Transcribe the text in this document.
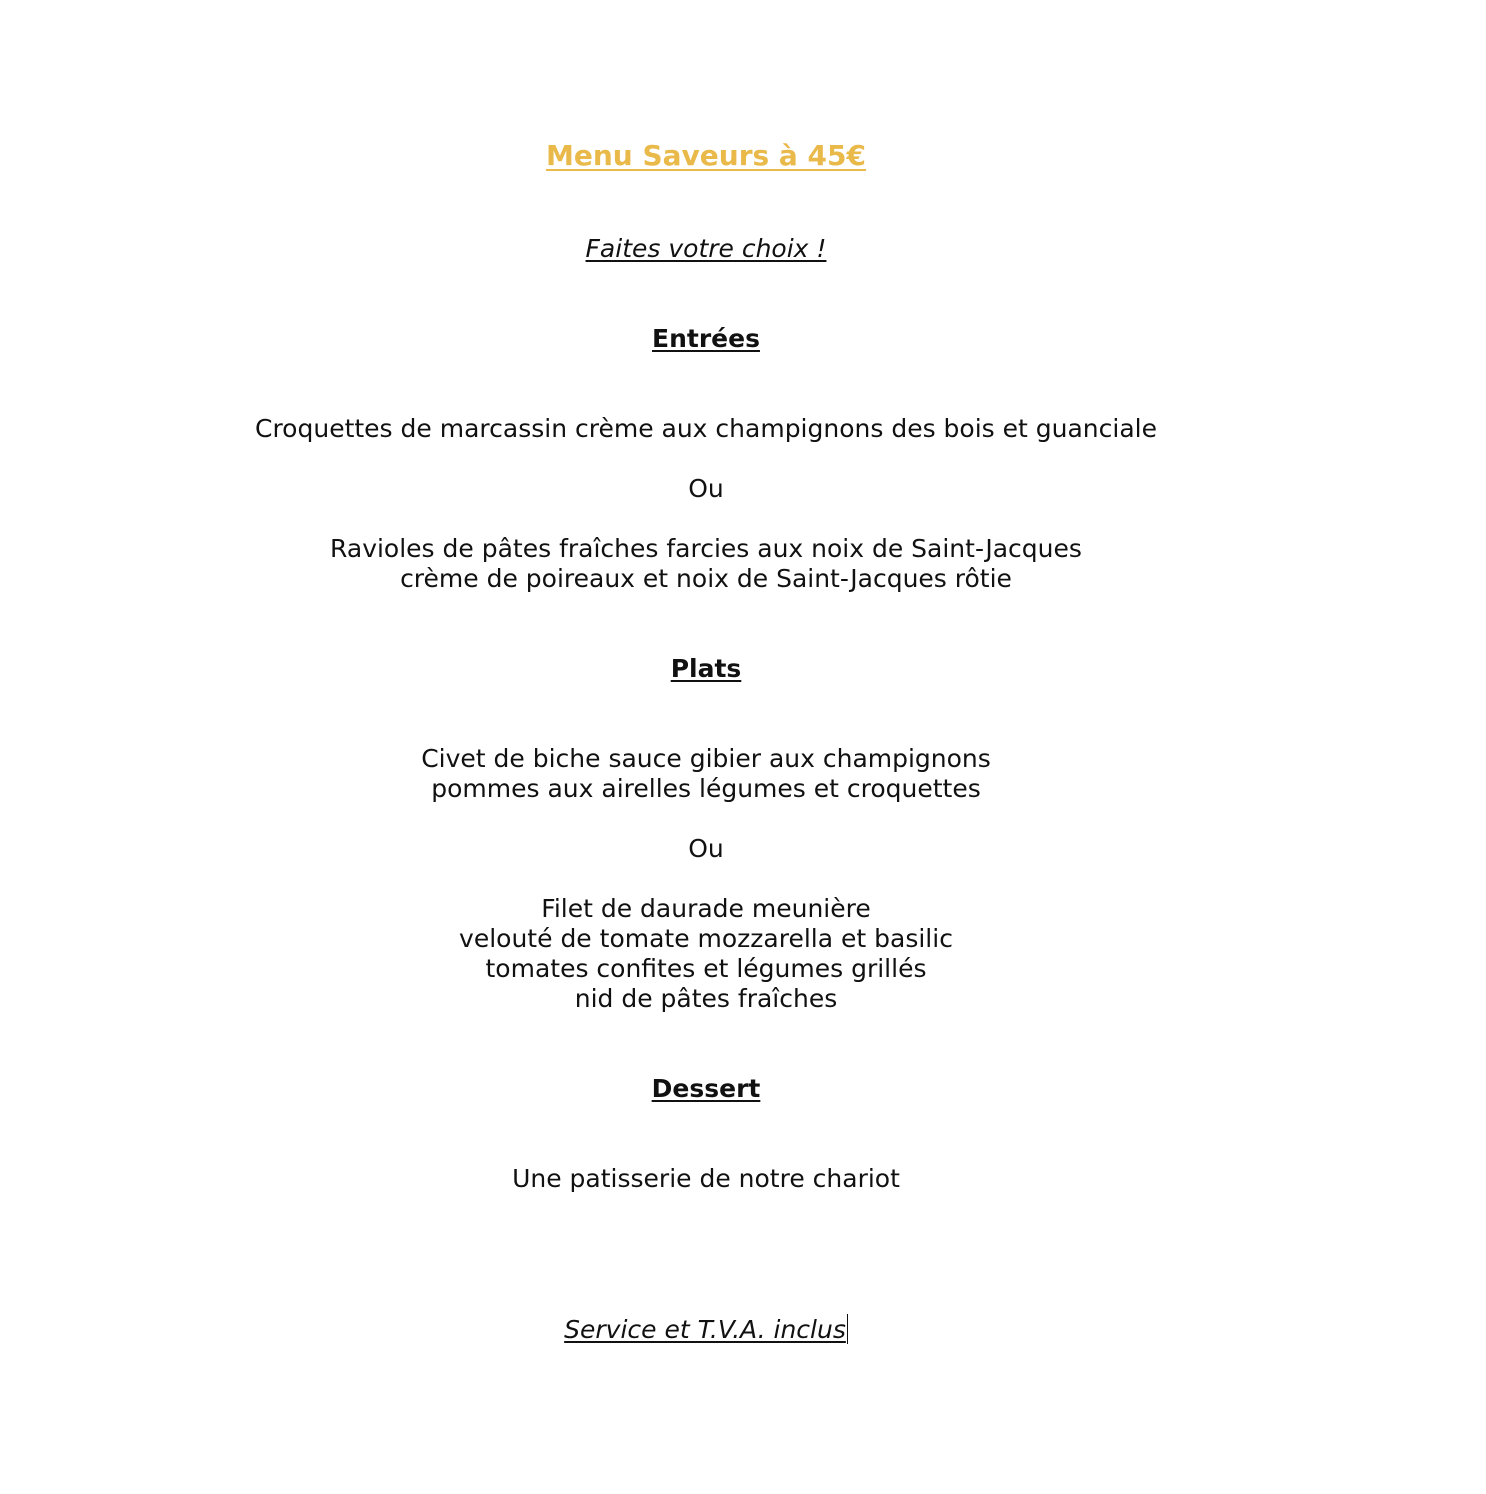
Menu Saveurs à 45€
Faites votre choix !
Entrées
Croquettes de marcassin crème aux champignons des bois et guanciale
Ou
Ravioles de pâtes fraîches farcies aux noix de Saint-Jacques
crème de poireaux et noix de Saint-Jacques rôtie
Plats
Civet de biche sauce gibier aux champignons
pommes aux airelles légumes et croquettes
Ou
Filet de daurade meunière
velouté de tomate mozzarella et basilic
tomates confites et légumes grillés
nid de pâtes fraîches
Dessert
Une patisserie de notre chariot
Service et T.V.A. inclus
